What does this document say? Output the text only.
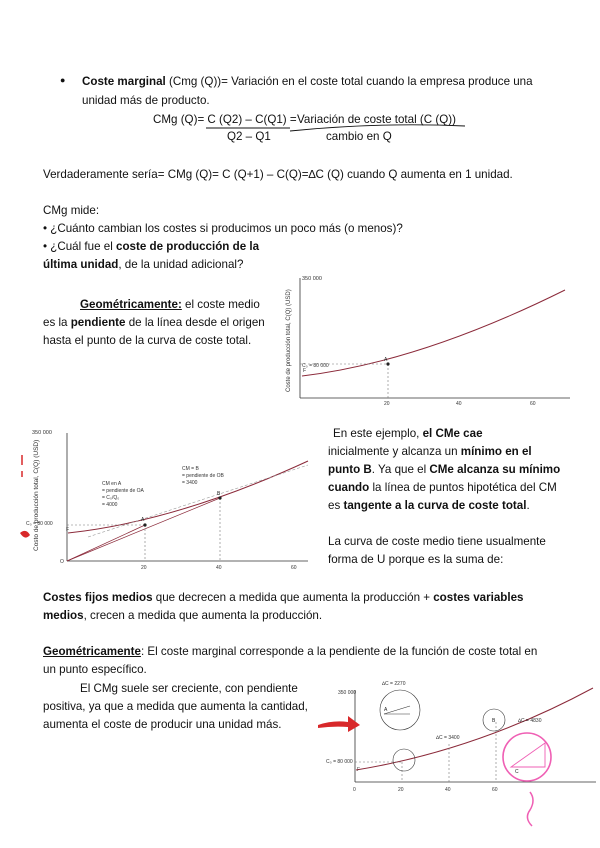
● Coste marginal (Cmg (Q))= Variación en el coste total cuando la empresa produce una
unidad más de producto.
CMg (Q)= C (Q2) – C(Q1) = Variación de coste total (C (Q))
Q2 – Q1	cambio en Q
Verdaderamente sería= CMg (Q)= C (Q+1) – C(Q)=∆C (Q) cuando Q aumenta en 1 unidad.
CMg mide:
• ¿Cuánto cambian los costes si producimos un poco más (o menos)?
• ¿Cuál fue el coste de producción de la
última unidad, de la unidad adicional?
Geométricamente: el coste medio
es la pendiente de la línea desde el origen
hasta el punto de la curva de coste total.
350 000
Coste de producción total, C(Q) (USD) C₀ = 80 000
F
A
20	40	60
350 000
Costo de producción total, C(Q) (USD)
C₀ = 80 000
O
F
A
B
CM en A
= pendiente de OA
= C₀/Q₀
= 4000
CM = B
= pendiente de OB
= 3400
20	40	60
En este ejemplo, el CMe cae
inicialmente y alcanza un mínimo en el
punto B. Ya que el CMe alcanza su mínimo
cuando la línea de puntos hipotética del CM
es tangente a la curva de coste total.
La curva de coste medio tiene usualmente
forma de U porque es la suma de:
Costes fijos medios que decrecen a medida que aumenta la producción + costes variables
medios, crecen a medida que aumenta la producción.
Geométricamente: El coste marginal corresponde a la pendiente de la función de coste total en
un punto específico.
El CMg suele ser creciente, con pendiente
positiva, ya que a medida que aumenta la cantidad,
aumenta el coste de producir una unidad más.
350 000
C₀ = 80 000
F
A
B
∆C = 2270
∆C = 3400
∆C = 4830
C
0	20	40	60
